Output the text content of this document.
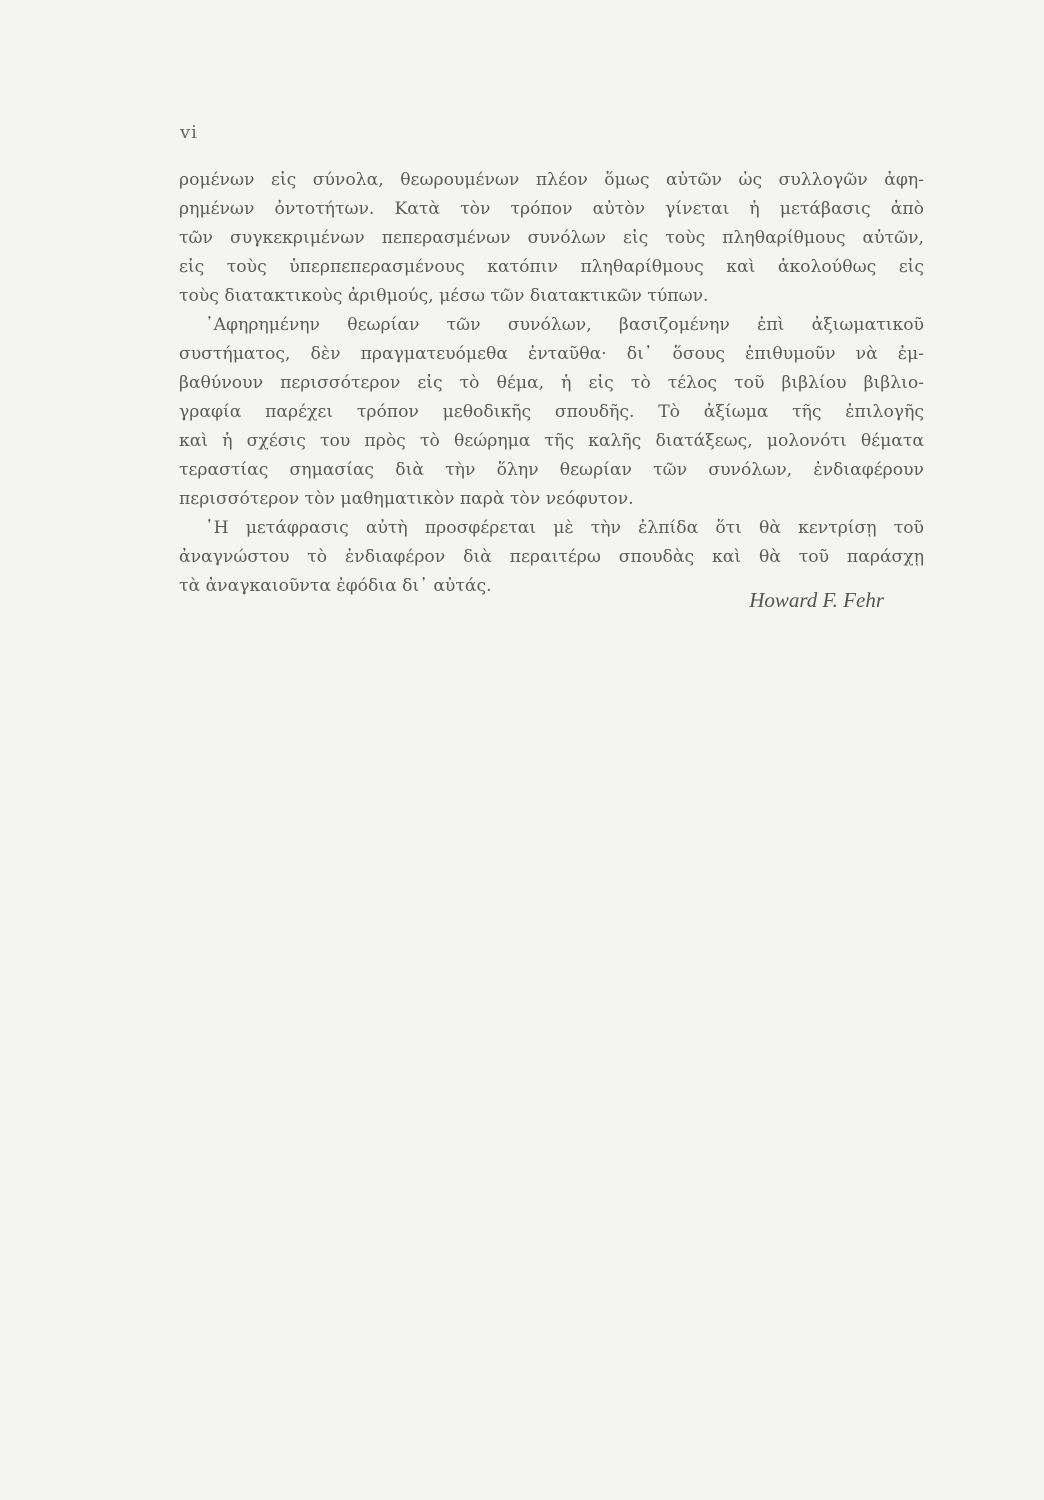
vi
ρομένων εἰς σύνολα, θεωρουμένων πλέον ὅμως αὐτῶν ὡς συλλογῶν ἀφη-
ρημένων ὀντοτήτων. Κατὰ τὸν τρόπον αὐτὸν γίνεται ἡ μετάβασις ἀπὸ
τῶν συγκεκριμένων πεπερασμένων συνόλων εἰς τοὺς πληθαρίθμους αὐτῶν,
εἰς τοὺς ὑπερπεπερασμένους κατόπιν πληθαρίθμους καὶ ἀκολούθως εἰς
τοὺς διατακτικοὺς ἀριθμούς, μέσω τῶν διατακτικῶν τύπων.
᾿Αφηρημένην θεωρίαν τῶν συνόλων, βασιζομένην ἐπὶ ἀξιωματικοῦ
συστήματος, δὲν πραγματευόμεθα ἐνταῦθα· δι᾿ ὅσους ἐπιθυμοῦν νὰ ἐμ-
βαθύνουν περισσότερον εἰς τὸ θέμα, ἡ εἰς τὸ τέλος τοῦ βιβλίου βιβλιο-
γραφία παρέχει τρόπον μεθοδικῆς σπουδῆς. Τὸ ἀξίωμα τῆς ἐπιλογῆς
καὶ ἡ σχέσις του πρὸς τὸ θεώρημα τῆς καλῆς διατάξεως, μολονότι θέματα
τεραστίας σημασίας διὰ τὴν ὅλην θεωρίαν τῶν συνόλων, ἐνδιαφέρουν
περισσότερον τὸν μαθηματικὸν παρὰ τὸν νεόφυτον.
῾Η μετάφρασις αὐτὴ προσφέρεται μὲ τὴν ἐλπίδα ὅτι θὰ κεντρίσῃ τοῦ
ἀναγνώστου τὸ ἐνδιαφέρον διὰ περαιτέρω σπουδὰς καὶ θὰ τοῦ παράσχῃ
τὰ ἀναγκαιοῦντα ἐφόδια δι᾿ αὐτάς.
Howard F. Fehr
